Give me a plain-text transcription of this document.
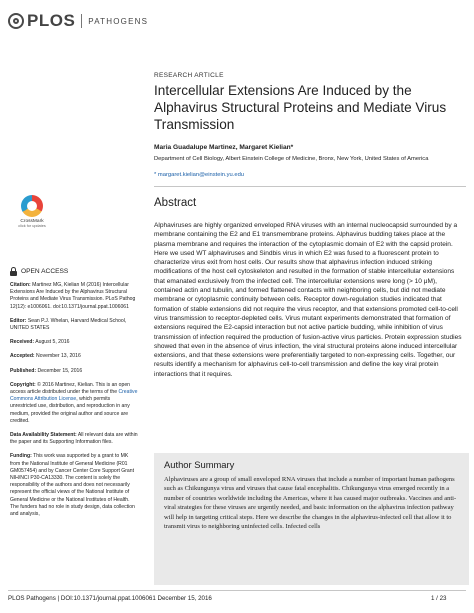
PLOS PATHOGENS
RESEARCH ARTICLE
Intercellular Extensions Are Induced by the Alphavirus Structural Proteins and Mediate Virus Transmission
Maria Guadalupe Martinez, Margaret Kielian*
Department of Cell Biology, Albert Einstein College of Medicine, Bronx, New York, United States of America
* margaret.kielian@einstein.yu.edu
Abstract
Alphaviruses are highly organized enveloped RNA viruses with an internal nucleocapsid surrounded by a membrane containing the E2 and E1 transmembrane proteins. Alphavirus budding takes place at the plasma membrane and requires the interaction of the cytoplasmic domain of E2 with the capsid protein. Here we used WT alphaviruses and Sindbis virus in which E2 was fused to a fluorescent protein to characterize virus exit from host cells. Our results show that alphavirus infection induced striking modifications of the host cell cytoskeleton and resulted in the formation of stable intercellular extensions that emanated exclusively from the infected cell. The intercellular extensions were long (> 10 μM), contained actin and tubulin, and formed flattened contacts with neighboring cells, but did not mediate membrane or cytoplasmic continuity between cells. Receptor down-regulation studies indicated that formation of stable extensions did not require the virus receptor, and that extensions promoted cell-to-cell virus transmission to receptor-depleted cells. Virus mutant experiments demonstrated that formation of extensions required the E2-capsid interaction but not active particle budding, while inhibition of virus transmission of infection required the production of fusion-active virus particles. Protein expression studies showed that even in the absence of virus infection, the viral structural proteins alone induced intercellular extensions, and that these extensions were preferentially targeted to non-expressing cells. Together, our results identify a mechanism for alphavirus cell-to-cell transmission and define the key viral protein interactions that it requires.
CrossMark
click for updates
OPEN ACCESS
Citation: Martinez MG, Kielian M (2016) Intercellular Extensions Are Induced by the Alphavirus Structural Proteins and Mediate Virus Transmission. PLoS Pathog 12(12): e1006061. doi:10.1371/journal.ppat.1006061
Editor: Sean P.J. Whelan, Harvard Medical School, UNITED STATES
Received: August 5, 2016
Accepted: November 13, 2016
Published: December 15, 2016
Copyright: © 2016 Martinez, Kielian. This is an open access article distributed under the terms of the Creative Commons Attribution License, which permits unrestricted use, distribution, and reproduction in any medium, provided the original author and source are credited.
Data Availability Statement: All relevant data are within the paper and its Supporting Information files.
Funding: This work was supported by a grant to MK from the National Institute of General Medicine (R01 GM057454) and by Cancer Center Core Support Grant NIH/NCI P30-CA13330. The content is solely the responsibility of the authors and does not necessarily represent the official views of the National Institute of General Medicine or the National Institutes of Health. The funders had no role in study design, data collection and analysis,
Author Summary
Alphaviruses are a group of small enveloped RNA viruses that include a number of important human pathogens such as Chikungunya virus and viruses that cause fatal encephalitis. Chikungunya virus emerged recently in a number of countries worldwide including the Americas, where it has caused major outbreaks. Vaccines and anti-viral strategies for these viruses are urgently needed, and basic information on the alphavirus infection pathway will help in targeting critical steps. Here we describe the changes in the alphavirus-infected cell that allow it to transmit virus to neighboring uninfected cells. Infected cells
PLOS Pathogens | DOI:10.1371/journal.ppat.1006061 December 15, 2016	1 / 23
